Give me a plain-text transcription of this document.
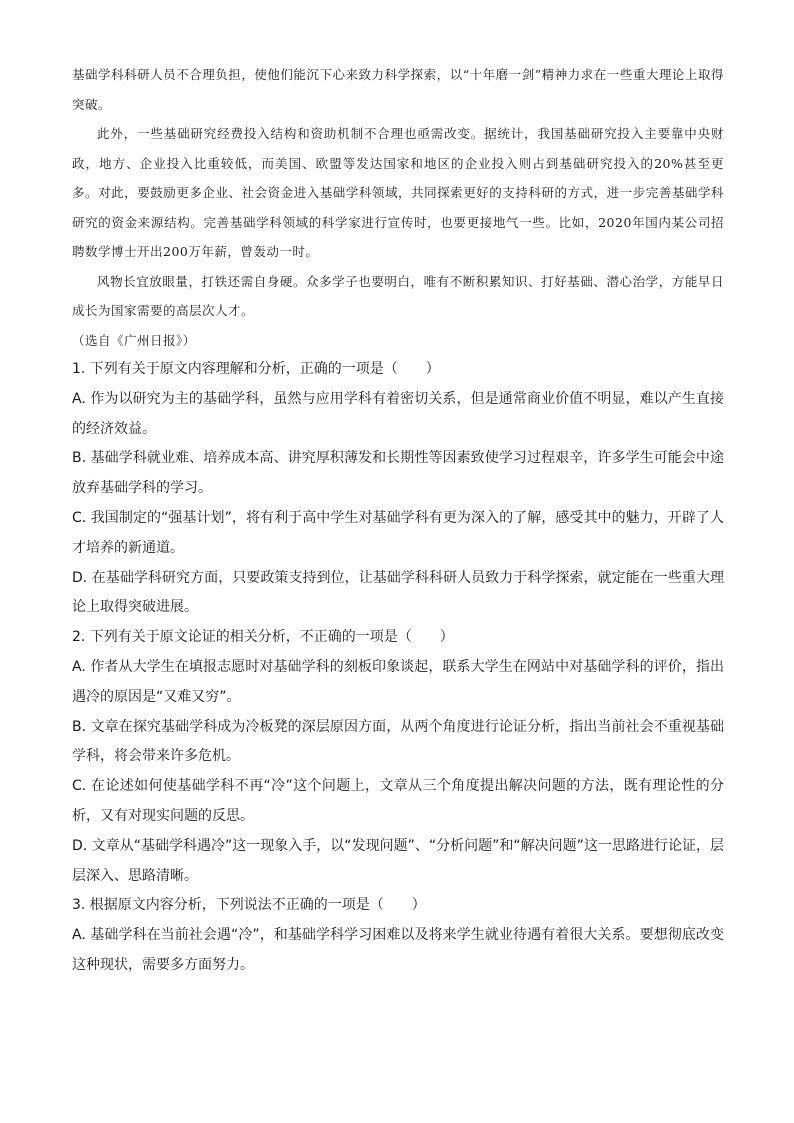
基础学科科研人员不合理负担，使他们能沉下心来致力科学探索，以“十年磨一剑”精神力求在一些重大理论上取得突破。

此外，一些基础研究经费投入结构和资助机制不合理也亟需改变。据统计，我国基础研究投入主要靠中央财政，地方、企业投入比重较低，而美国、欧盟等发达国家和地区的企业投入则占到基础研究投入的20%甚至更多。对此，要鼓励更多企业、社会资金进入基础学科领域，共同探索更好的支持科研的方式，进一步完善基础学科研究的资金来源结构。完善基础学科领域的科学家进行宣传时，也要更接地气一些。比如，2020年国内某公司招聘数学博士开出200万年薪，曾轰动一时。

风物长宜放眼量，打铁还需自身硬。众多学子也要明白，唯有不断积累知识、打好基础、潜心治学，方能早日成长为国家需要的高层次人才。

（选自《广州日报》）

1. 下列有关于原文内容理解和分析，正确的一项是（　　）

A. 作为以研究为主的基础学科，虽然与应用学科有着密切关系，但是通常商业价值不明显，难以产生直接的经济效益。

B. 基础学科就业难、培养成本高、讲究厚积薄发和长期性等因素致使学习过程艰辛，许多学生可能会中途放弃基础学科的学习。

C. 我国制定的“强基计划”，将有利于高中学生对基础学科有更为深入的了解，感受其中的魅力，开辟了人才培养的新通道。

D. 在基础学科研究方面，只要政策支持到位，让基础学科科研人员致力于科学探索，就定能在一些重大理论上取得突破进展。

2. 下列有关于原文论证的相关分析，不正确的一项是（　　）

A. 作者从大学生在填报志愿时对基础学科的刻板印象谈起，联系大学生在网站中对基础学科的评价，指出遇冷的原因是“又难又穷”。

B. 文章在探究基础学科成为冷板凳的深层原因方面，从两个角度进行论证分析，指出当前社会不重视基础学科，将会带来许多危机。

C. 在论述如何使基础学科不再“冷”这个问题上，文章从三个角度提出解决问题的方法，既有理论性的分析，又有对现实问题的反思。

D. 文章从“基础学科遇冷”这一现象入手，以“发现问题”、“分析问题”和“解决问题”这一思路进行论证，层层深入、思路清晰。

3. 根据原文内容分析，下列说法不正确的一项是（　　）

A. 基础学科在当前社会遇“冷”，和基础学科学习困难以及将来学生就业待遇有着很大关系。要想彻底改变这种现状，需要多方面努力。
